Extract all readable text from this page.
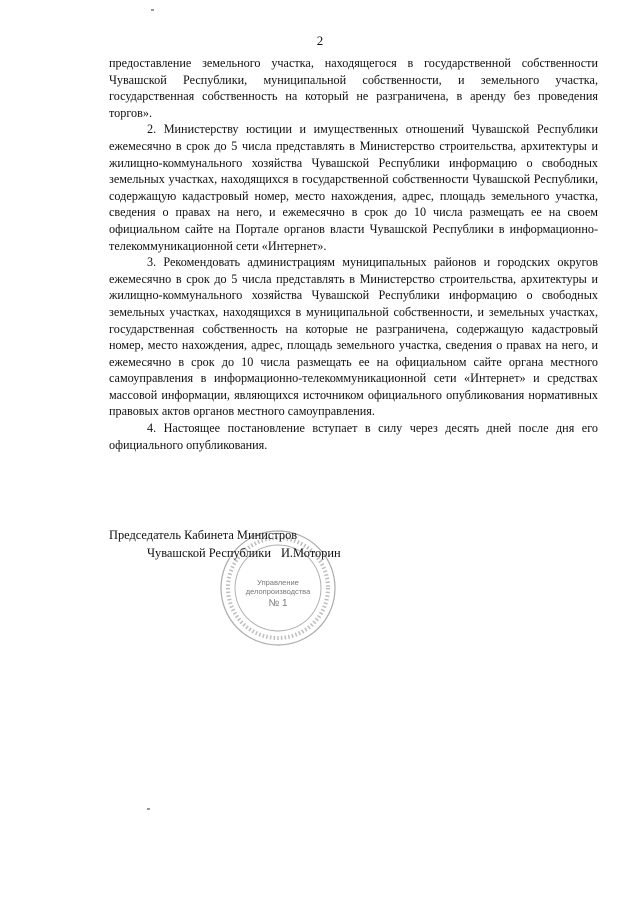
2

предоставление земельного участка, находящегося в государственной собственности Чувашской Республики, муниципальной собственности, и земельного участка, государственная собственность на который не разграничена, в аренду без проведения торгов».

2. Министерству юстиции и имущественных отношений Чувашской Республики ежемесячно в срок до 5 числа представлять в Министерство строительства, архитектуры и жилищно-коммунального хозяйства Чувашской Республики информацию о свободных земельных участках, находящихся в государственной собственности Чувашской Республики, содержащую кадастровый номер, место нахождения, адрес, площадь земельного участка, сведения о правах на него, и ежемесячно в срок до 10 числа размещать ее на своем официальном сайте на Портале органов власти Чувашской Республики в информационно-телекоммуникационной сети «Интернет».

3. Рекомендовать администрациям муниципальных районов и городских округов ежемесячно в срок до 5 числа представлять в Министерство строительства, архитектуры и жилищно-коммунального хозяйства Чувашской Республики информацию о свободных земельных участках, находящихся в муниципальной собственности, и земельных участках, государственная собственность на которые не разграничена, содержащую кадастровый номер, место нахождения, адрес, площадь земельного участка, сведения о правах на него, и ежемесячно в срок до 10 числа размещать ее на официальном сайте органа местного самоуправления в информационно-телекоммуникационной сети «Интернет» и средствах массовой информации, являющихся источником официального опубликования нормативных правовых актов органов местного самоуправления.

4. Настоящее постановление вступает в силу через десять дней после дня его официального опубликования.

Управление
делопроизводства
№ 1
Председатель Кабинета Министров
Чувашской Республики И.Моторин
